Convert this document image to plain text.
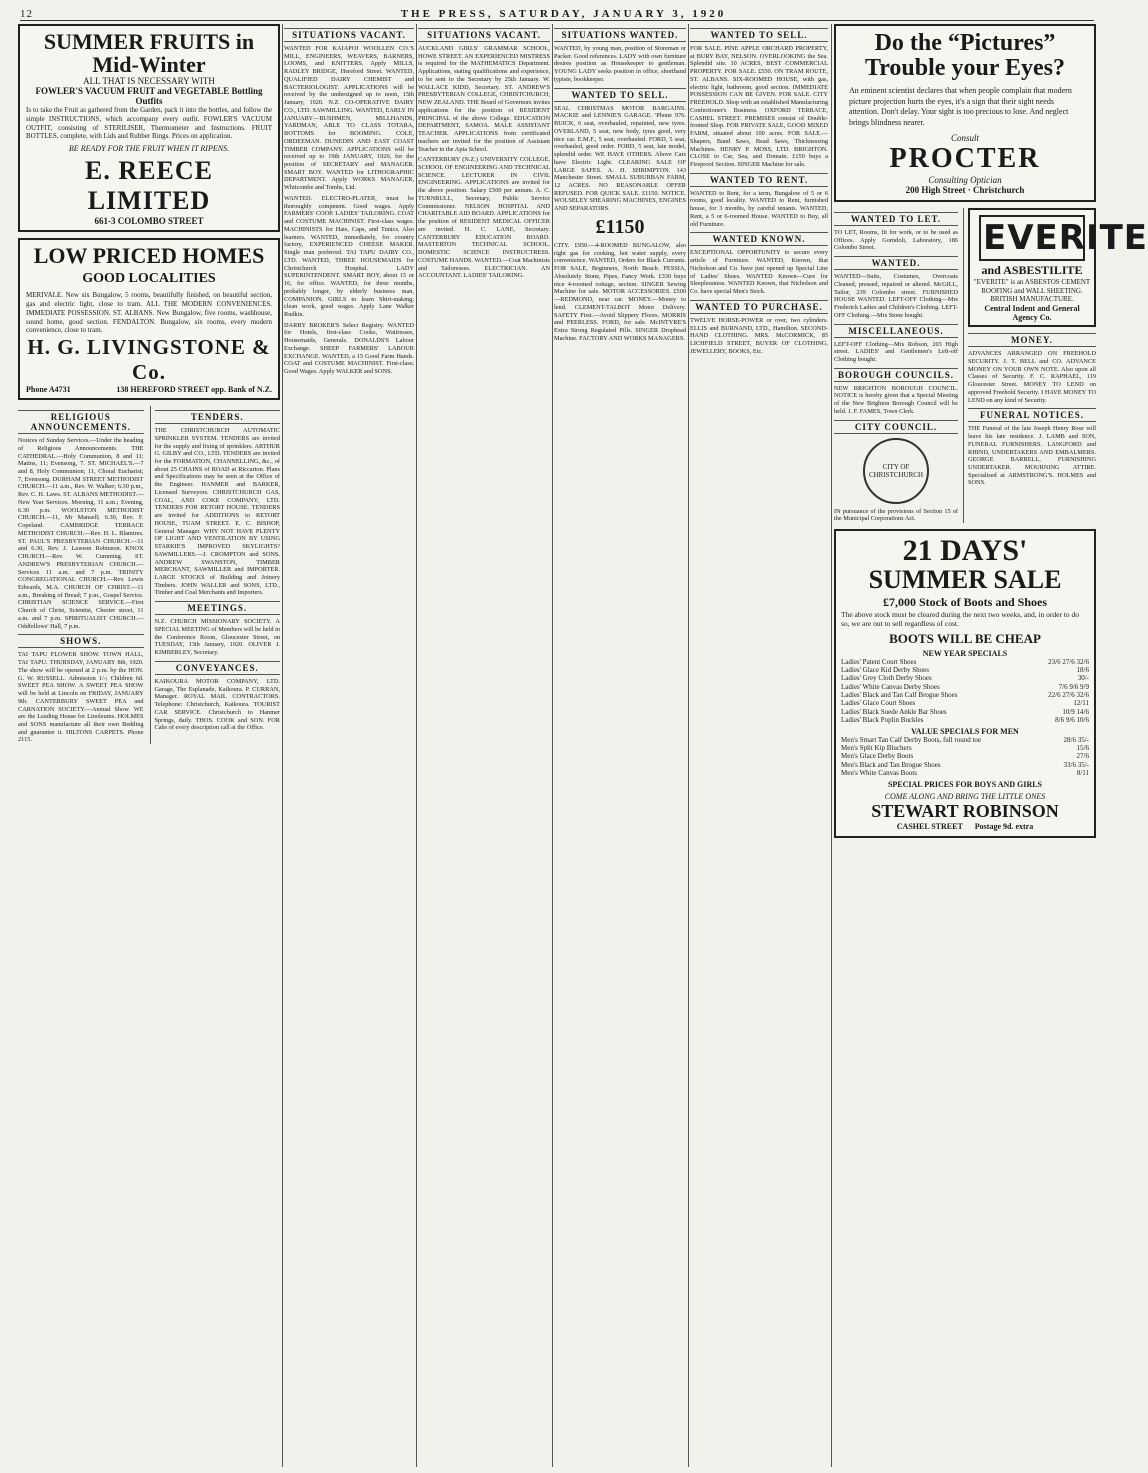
12	THE PRESS, SATURDAY, JANUARY 3, 1920
SUMMER FRUITS in Mid-Winter
ALL THAT IS NECESSARY WITH
FOWLER'S VACUUM FRUIT and VEGETABLE Bottling Outfits
Is to take the Fruit as gathered from the Garden, pack it into the bottles, and follow the simple INSTRUCTIONS, which accompany every outfit. FOWLER'S VACUUM OUTFIT, consisting of STERILISER, Thermometer and Instructions. FRUIT BOTTLES, complete, with Lids and Rubber Rings. Prices on application.
BE READY FOR THE FRUIT WHEN IT RIPENS.
E. REECE LIMITED
661-3 COLOMBO STREET
LOW PRICED HOMES
GOOD LOCALITIES
MERIVALE. New six Bungalow, 5 rooms, beautifully finished, on beautiful section, gas and electric light, close to tram. ALL THE MODERN CONVENIENCES. IMMEDIATE POSSESSION. ST. ALBANS. New Bungalow, five rooms, washhouse, sound home, good section. FENDALTON. Bungalow, six rooms, every modern convenience, close to tram.
H. G. LIVINGSTONE & Co.
Phone A4731	138 HEREFORD STREET opp. Bank of N.Z.
RELIGIOUS ANNOUNCEMENTS.
Notices of Sunday Services.—Under the heading of Religious Announcements. THE CATHEDRAL.—Holy Communion, 8 and 11; Matins, 11; Evensong, 7. ST. MICHAEL'S.—7 and 8, Holy Communion; 11, Choral Eucharist; 7, Evensong. DURHAM STREET METHODIST CHURCH.—11 a.m., Rev. W. Walker; 6.30 p.m., Rev. C. H. Laws. ST. ALBANS METHODIST.—New Year Services. Morning, 11 a.m.; Evening, 6.30 p.m. WOOLSTON METHODIST CHURCH.—11, Mr Mansell; 6.30, Rev. F. Copeland. CAMBRIDGE TERRACE METHODIST CHURCH.—Rev. H. L. Blamires. ST. PAUL'S PRESBYTERIAN CHURCH.—11 and 6.30, Rev. J. Lawson Robinson. KNOX CHURCH.—Rev. W. Cumming. ST. ANDREW'S PRESBYTERIAN CHURCH.—Services 11 a.m. and 7 p.m. TRINITY CONGREGATIONAL CHURCH.—Rev. Lewis Edwards, M.A. CHURCH OF CHRIST.—11 a.m., Breaking of Bread; 7 p.m., Gospel Service. CHRISTIAN SCIENCE SERVICE.—First Church of Christ, Scientist, Chester street, 11 a.m. and 7 p.m. SPIRITUALIST CHURCH.—Oddfellows' Hall, 7 p.m.
SHOWS.
TAI TAPU FLOWER SHOW. TOWN HALL, TAI TAPU. THURSDAY, JANUARY 8th, 1920. The show will be opened at 2 p.m. by the HON. G. W. RUSSELL. Admission 1/-; Children 6d. SWEET PEA SHOW. A SWEET PEA SHOW will be held at Lincoln on FRIDAY, JANUARY 9th. CANTERBURY SWEET PEA and CARNATION SOCIETY.—Annual Show. WE are the Leading House for Linoleums. HOLMES and SONS manufacture all their own Bedding and guarantee it. HILTONS CARPETS. Phone 2115.
TENDERS.
THE CHRISTCHURCH AUTOMATIC SPRINKLER SYSTEM. TENDERS are invited for the supply and fixing of sprinklers. ARTHUR G. GILBY and CO., LTD. TENDERS are invited for the FORMATION, CHANNELLING, &c., of about 25 CHAINS of ROAD at Riccarton. Plans and Specifications may be seen at the Office of the Engineer. HANMER and BARKER, Licensed Surveyors. CHRISTCHURCH GAS, COAL, AND COKE COMPANY, LTD. TENDERS FOR RETORT HOUSE. TENDERS are invited for ADDITIONS to RETORT HOUSE, TUAM STREET. E. C. BISHOP, General Manager. WHY NOT HAVE PLENTY OF LIGHT AND VENTILATION BY USING STARKIE'S IMPROVED SKYLIGHTS? SAWMILLERS.—J. CROMPTON and SONS. ANDREW SWANSTON, TIMBER MERCHANT, SAWMILLER and IMPORTER. LARGE STOCKS of Building and Joinery Timbers. JOHN WALLER and SONS, LTD., Timber and Coal Merchants and Importers.
MEETINGS.
N.Z. CHURCH MISSIONARY SOCIETY. A SPECIAL MEETING of Members will be held in the Conference Room, Gloucester Street, on TUESDAY, 13th January, 1920. OLIVER J. KIMBERLEY, Secretary.
CONVEYANCES.
KAIKOURA MOTOR COMPANY, LTD. Garage, The Esplanade, Kaikoura. P. CURRAN, Manager. ROYAL MAIL CONTRACTORS. Telephone: Christchurch, Kaikoura. TOURIST CAR SERVICE. Christchurch to Hanmer Springs, daily. THOS. COOK and SON. FOR Cabs of every description call at the Office.
SITUATIONS VACANT.
WANTED FOR KAIAPOI WOOLLEN CO.'S MILL, ENGINEERS, WEAVERS, BARNERS, LOOMS, and KNITTERS. Apply MILLS, RADLEY BRIDGE, Hereford Street. WANTED, QUALIFIED DAIRY CHEMIST and BACTERIOLOGIST. APPLICATIONS will be received by the undersigned up to noon, 15th January, 1920. N.Z. CO-OPERATIVE DAIRY CO., LTD. SAWMILLING. WANTED, EARLY IN JANUARY—BUSHMEN, MILLHANDS, YARDMAN, ABLE TO CLASS TOTARA, BOTTOMS for BOOMING. COLE, ORDEEMAN. DUNEDIN AND EAST COAST TIMBER COMPANY. APPLICATIONS will be received up to 19th JANUARY, 1920, for the position of SECRETARY and MANAGER. SMART BOY. WANTED for LITHOGRAPHIC DEPARTMENT. Apply WORKS MANAGER, Whitcombe and Tombs, Ltd.
WANTED. ELECTRO-PLATER, must be thoroughly competent. Good wages. Apply FARMERS' COOP. LADIES' TAILORING. COAT and COSTUME MACHINIST. First-class wages. MACHINISTS for Hats, Caps, and Tunics. Also learners. WANTED, immediately, for country factory, EXPERIENCED CHEESE MAKER. Single man preferred. TAI TAPU DAIRY CO., LTD. WANTED, THREE HOUSEMAIDS for Christchurch Hospital. LADY SUPERINTENDENT. SMART BOY, about 15 or 16, for office. WANTED, for three months, probably longer, by elderly business man, COMPANION. GIRLS to learn Shirt-making; clean work, good wages. Apply Lane Walker Rudkin.
DARBY BROKER'S Select Registry. WANTED for Hotels, first-class Cooks, Waitresses, Housemaids, Generals. DONALDS'S Labour Exchange. SHEEP FARMERS' LABOUR EXCHANGE. WANTED, a 15 Good Farm Hands. COAT and COSTUME MACHINIST. First-class; Good Wages. Apply WALKER and SONS.
SITUATIONS VACANT.
AUCKLAND GIRLS' GRAMMAR SCHOOL, HOWE STREET. AN EXPERIENCED MISTRESS is required for the MATHEMATICS Department. Applications, stating qualifications and experience, to be sent to the Secretary by 25th January. W. WALLACE KIDD, Secretary. ST. ANDREW'S PRESBYTERIAN COLLEGE, CHRISTCHURCH, NEW ZEALAND. THE Board of Governors invites applications for the position of RESIDENT PRINCIPAL of the above College. EDUCATION DEPARTMENT, SAMOA. MALE ASSISTANT TEACHER. APPLICATIONS from certificated teachers are invited for the position of Assistant Teacher in the Apia School.
CANTERBURY (N.Z.) UNIVERSITY COLLEGE. SCHOOL OF ENGINEERING AND TECHNICAL SCIENCE. LECTURER IN CIVIL ENGINEERING. APPLICATIONS are invited for the above position. Salary £500 per annum. A. C. TURNBULL, Secretary, Public Service Commissioner. NELSON HOSPITAL AND CHARITABLE AID BOARD. APPLICATIONS for the position of RESIDENT MEDICAL OFFICER are invited. H. C. LANE, Secretary. CANTERBURY EDUCATION BOARD. MASTERTON TECHNICAL SCHOOL. DOMESTIC SCIENCE INSTRUCTRESS. COSTUME HANDS. WANTED.—Coat Machinists and Tailoresses. ELECTRICIAN. AN ACCOUNTANT. LADIES' TAILORING.
SITUATIONS WANTED.
WANTED, by young man, position of Storeman or Packer. Good references. LADY with own furniture desires position as Housekeeper to gentleman. YOUNG LADY seeks position in office, shorthand typiste, bookkeeper.
WANTED TO SELL.
SEAL CHRISTMAS MOTOR BARGAINS. MACKIE and LENNIE'S GARAGE. 'Phone 976. BUICK, 6 seat, overhauled, repainted, new tyres. OVERLAND, 5 seat, new body, tyres good, very nice car. E.M.F., 5 seat, overhauled. FORD, 5 seat, overhauled, good order. FORD, 5 seat, late model, splendid order. WE HAVE OTHERS. Above Cars have Electric Light. CLEARING SALE OF LARGE SAFES. A. H. SHRIMPTON. 143 Manchester Street. SMALL SUBURBAN FARM, 12 ACRES. NO REASONABLE OFFER REFUSED. FOR QUICK SALE. £1150. NOTICE. WOLSELEY SHEARING MACHINES, ENGINES AND SEPARATORS.
£1150
CITY. £950.—4-ROOMED BUNGALOW, also right gas for cooking, hot water supply, every convenience. WANTED, Orders for Black Currants. FOR SALE, Beginners, North Beach. PESSIA, Absolutely Stone, Pipes, Fancy Work. £330 buys nice 4-roomed cottage, section. SINGER Sewing Machine for sale. MOTOR ACCESSORIES. £500—REDMOND, near car. MONEY.—Money to lend. CLEMENT-TALBOT Motor Delivery. SAFETY First.—Avoid Slippery Floors. MORRIS and PEERLESS. FORD, for sale. McINTYRE'S Extra Strong Regulated Pills. SINGER Drophead Machine. FACTORY AND WORKS MANAGERS.
WANTED TO SELL.
FOR SALE. PINE APPLE ORCHARD PROPERTY, at BURY BAY, NELSON. OVERLOOKING the Sea. Splendid site. 10 ACRES, BEST COMMERCIAL PROPERTY. FOR SALE. £550. ON TRAM ROUTE, ST. ALBANS. SIX-ROOMED HOUSE, with gas, electric light, bathroom, good section. IMMEDIATE POSSESSION CAN BE GIVEN. FOR SALE. CITY FREEHOLD. Shop with an established Manufacturing Confectioner's Business. OXFORD TERRACE, CASHEL STREET. PREMISES consist of Double-fronted Shop. FOR PRIVATE SALE, GOOD MIXED FARM, situated about 100 acres. FOR SALE.—Shapers, Band Saws, Bead Saws, Thicknessing Machines. HENRY P. MOSS, LTD. BRIGHTON. CLOSE to Car, Sea, and Domain. £150 buys a Fireproof Section. SINGER Machine for sale.
WANTED TO RENT.
WANTED to Rent, for a term, Bungalow of 5 or 6 rooms, good locality. WANTED to Rent, furnished house, for 3 months, by careful tenants. WANTED, Rent, a 5 or 6-roomed House. WANTED to Buy, all old Furniture.
WANTED KNOWN.
EXCEPTIONAL OPPORTUNITY to secure every article of Furniture. WANTED, Known, that Nicholson and Co. have just opened up Special Line of Ladies' Shoes. WANTED Known—Cure for Sleeplessness. WANTED Known, that Nicholson and Co. have special Men's Stock.
WANTED TO PURCHASE.
TWELVE HORSE-POWER or over, two cylinders. ELLIS and BURNAND, LTD., Hamilton. SECOND-HAND CLOTHING. MRS. McCORMICK, 85 LICHFIELD STREET, BUYER OF CLOTHING, JEWELLERY, BOOKS, Etc.
Do the “Pictures”
Trouble your Eyes?
An eminent scientist declares that when people complain that modern picture projection hurts the eyes, it's a sign that their sight needs attention. Don't delay. Your sight is too precious to lose. And neglect brings blindness nearer.
Consult
PROCTER
Consulting Optician
200 High Street · Christchurch
WANTED TO LET.
TO LET, Rooms, fit for work, or to be used as Offices. Apply Gorndoli, Laboratory, 186 Colombo Street.
WANTED.
WANTED—Suits, Costumes, Overcoats Cleaned, pressed, repaired or altered. McGILL, Tailor, 239 Colombo street. FURNISHED HOUSE WANTED. LEFT-OFF Clothing—Mrs Frederick Ladies and Children's Clothing. LEFT-OFF Clothing.—Mrs Stone bought.
MISCELLANEOUS.
LEFT-OFF Clothing—Mrs Robson, 203 High street. LADIES' and Gentlemen's Left-off Clothing bought.
BOROUGH COUNCILS.
NEW BRIGHTON BOROUGH COUNCIL. NOTICE is hereby given that a Special Meeting of the New Brighton Borough Council will be held. J. F. FAMES, Town Clerk.
CITY COUNCIL.
CITY OF CHRISTCHURCH
IN pursuance of the provisions of Section 15 of the Municipal Corporations Act.
EVERITE
and ASBESTILITE
"EVERITE" is an ASBESTOS CEMENT ROOFING and WALL SHEETING. BRITISH MANUFACTURE.
Central Indent and General Agency Co.
MONEY.
ADVANCES ARRANGED ON FREEHOLD SECURITY. J. T. BELL and CO. ADVANCE MONEY ON YOUR OWN NOTE. Also upon all Classes of Security. F. C. RAPHAEL, 119 Gloucester Street. MONEY TO LEND on approved Freehold Security. I HAVE MONEY TO LEND on any kind of Security.
FUNERAL NOTICES.
THE Funeral of the late Joseph Henry Rose will leave his late residence. J. LAMB and SON, FUNERAL FURNISHERS. LANGFORD and RHIND, UNDERTAKERS AND EMBALMERS. GEORGE BARRELL, FURNISHING UNDERTAKER. MOURNING ATTIRE. Specialised at ARMSTRONG'S. HOLMES and SONS.
21 DAYS'
SUMMER SALE
£7,000 Stock of Boots and Shoes
The above stock must be cleared during the next two weeks, and, in order to do so, we are out to sell regardless of cost.
BOOTS WILL BE CHEAP
NEW YEAR SPECIALS
Ladies' Patent Court Shoes	23/6 27/6 32/6
Ladies' Glace Kid Derby Shoes	18/6
Ladies' Grey Cloth Derby Shoes	30/-
Ladies' White Canvas Derby Shoes	7/6 9/6 9/9
Ladies' Black and Tan Calf Brogue Shoes	22/6 27/6 32/6
Ladies' Glace Court Shoes	12/11
Ladies' Black Suede Ankle Bar Shoes	10/9 14/6
Ladies' Black Poplin Buckles	8/6 9/6 10/6
VALUE SPECIALS FOR MEN
Men's Smart Tan Calf Derby Boots, full round toe	28/6 35/-
Men's Split Kip Bluchers	15/6
Men's Glace Derby Boots	27/6
Men's Black and Tan Brogue Shoes	33/6 35/-
Men's White Canvas Boots	8/11
SPECIAL PRICES FOR BOYS AND GIRLS
COME ALONG AND BRING THE LITTLE ONES
STEWART ROBINSON
CASHEL STREET Postage 9d. extra
